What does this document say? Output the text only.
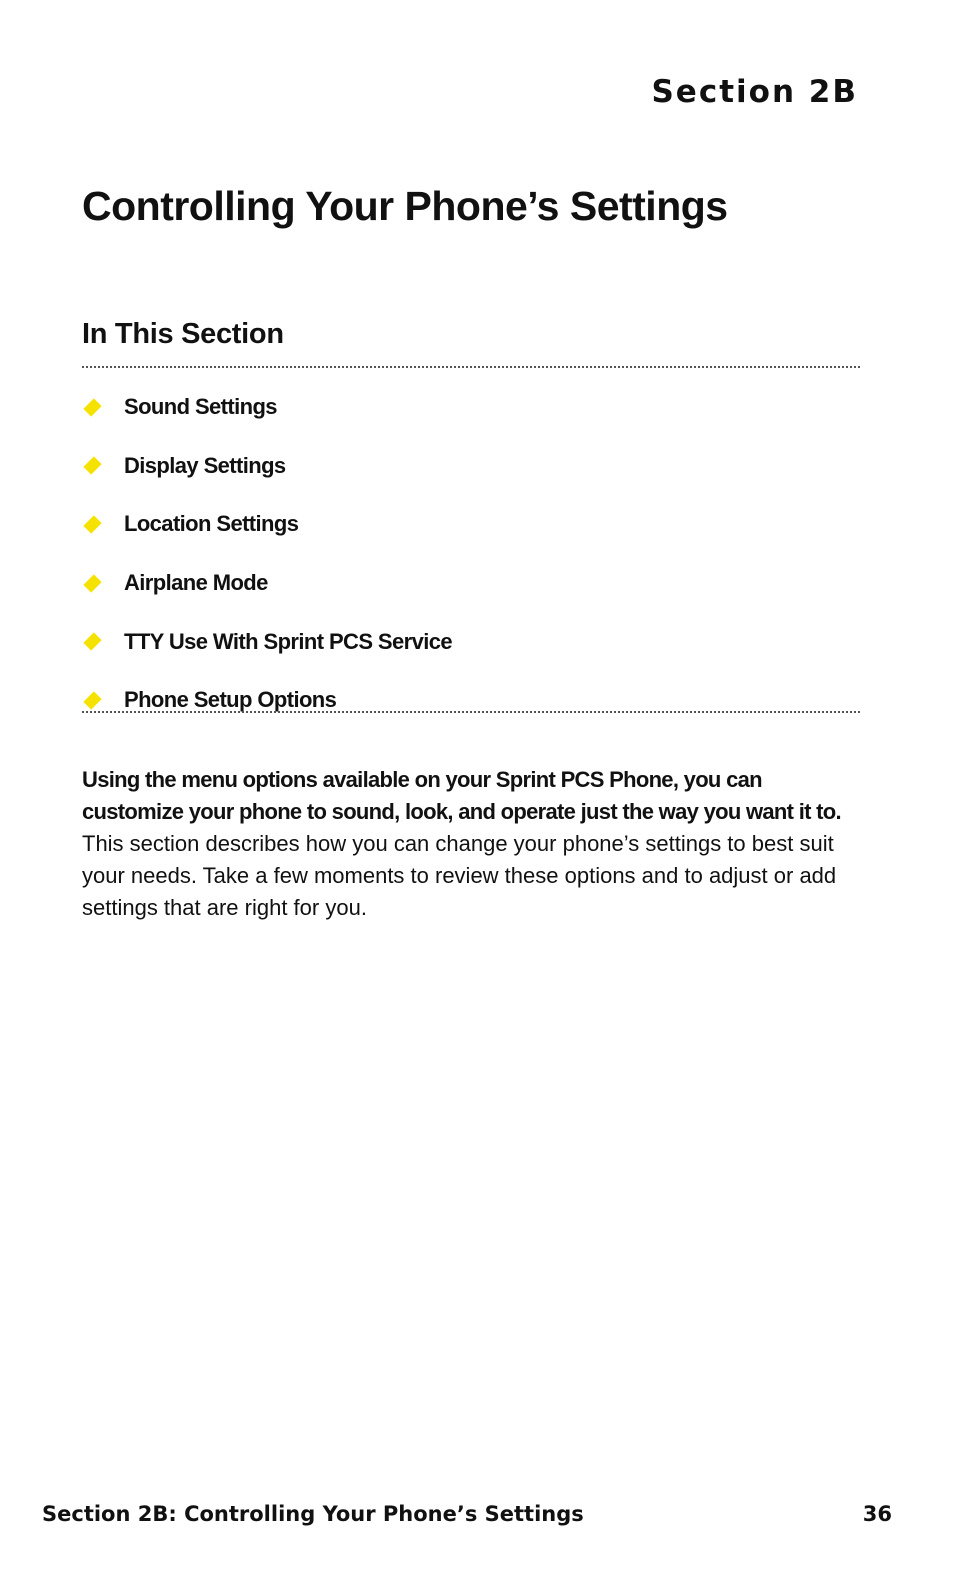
Section 2B
Controlling Your Phone’s Settings
In This Section
Sound Settings
Display Settings
Location Settings
Airplane Mode
TTY Use With Sprint PCS Service
Phone Setup Options

Using the menu options available on your Sprint PCS Phone, you can customize your phone to sound, look, and operate just the way you want it to. This section describes how you can change your phone’s settings to best suit your needs. Take a few moments to review these options and to adjust or add settings that are right for you.

Section 2B: Controlling Your Phone’s Settings	36
